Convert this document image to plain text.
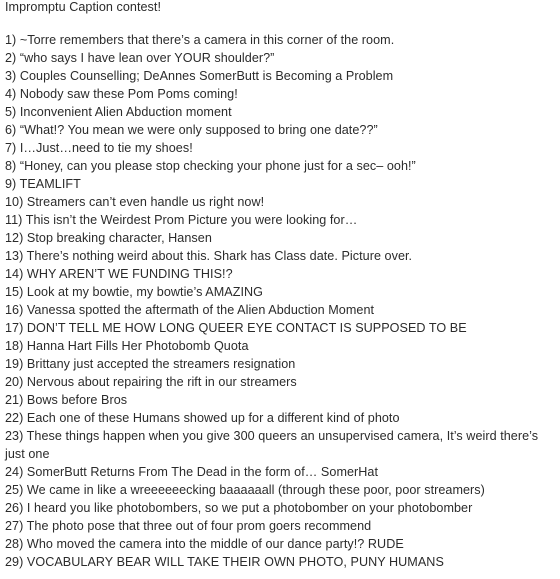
Impromptu Caption contest!
1) ~Torre remembers that there’s a camera in this corner of the room.
2) “who says I have lean over YOUR shoulder?”
3) Couples Counselling; DeAnnes SomerButt is Becoming a Problem
4) Nobody saw these Pom Poms coming!
5) Inconvenient Alien Abduction moment
6) “What!? You mean we were only supposed to bring one date??”
7) I…Just…need to tie my shoes!
8) “Honey, can you please stop checking your phone just for a sec– ooh!”
9) TEAMLIFT
10) Streamers can’t even handle us right now!
11) This isn’t the Weirdest Prom Picture you were looking for…
12) Stop breaking character, Hansen
13) There’s nothing weird about this. Shark has Class date. Picture over.
14) WHY AREN’T WE FUNDING THIS!?
15) Look at my bowtie, my bowtie’s AMAZING
16) Vanessa spotted the aftermath of the Alien Abduction Moment
17) DON’T TELL ME HOW LONG QUEER EYE CONTACT IS SUPPOSED TO BE
18) Hanna Hart Fills Her Photobomb Quota
19) Brittany just accepted the streamers resignation
20) Nervous about repairing the rift in our streamers
21) Bows before Bros
22) Each one of these Humans showed up for a different kind of photo
23) These things happen when you give 300 queers an unsupervised camera, It’s weird there’s just one
24) SomerButt Returns From The Dead in the form of… SomerHat
25) We came in like a wreeeeeecking baaaaaall (through these poor, poor streamers)
26) I heard you like photobombers, so we put a photobomber on your photobomber
27) The photo pose that three out of four prom goers recommend
28) Who moved the camera into the middle of our dance party!? RUDE
29) VOCABULARY BEAR WILL TAKE THEIR OWN PHOTO, PUNY HUMANS
